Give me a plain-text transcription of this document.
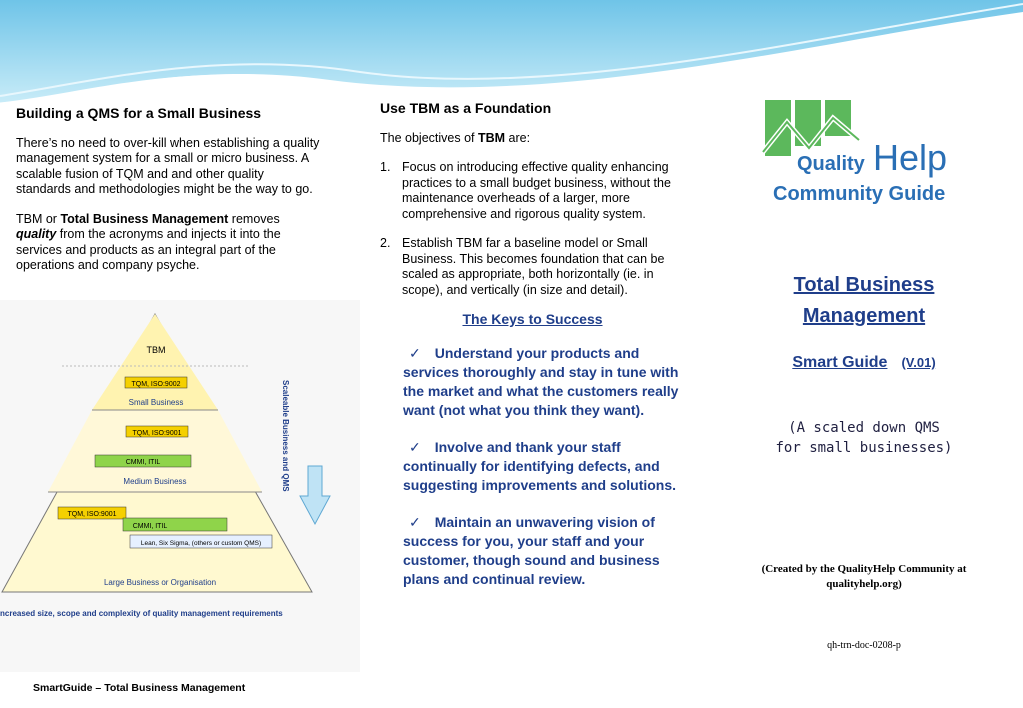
Building a QMS for a Small Business

There’s no need to over-kill when establishing a quality management system for a small or micro business. A scalable fusion of TQM and and other quality standards and methodologies might be the way to go.

TBM or Total Business Management removes quality from the acronyms and injects it into the services and products as an integral part of the operations and company psyche.

TBM
TQM, ISO:9002
Small Business
TQM, ISO:9001
CMMI, ITIL
Medium Business
TQM, ISO:9001
CMMI, ITIL
Lean, Six Sigma, (others or custom QMS)
Large Business or Organisation
Scaleable Business and QMS
ncreased size, scope and complexity of quality management requirements
SmartGuide – Total Business Management
Use TBM as a Foundation

The objectives of TBM are:

1. Focus on introducing effective quality enhancing practices to a small budget business, without the maintenance overheads of a larger, more comprehensive and rigorous quality system.
2. Establish TBM far a baseline model or Small Business. This becomes foundation that can be scaled as appropriate, both horizontally (ie. in scope), and vertically (in size and detail).
The Keys to Success
✓ Understand your products and services thoroughly and stay in tune with the market and what the customers really want (not what you think they want).
✓ Involve and thank your staff continually for identifying defects, and suggesting improvements and solutions.
✓ Maintain an unwavering vision of success for you, your staff and your customer, though sound and business plans and continual review.
Quality Help
Community Guide
Total Business
Management
Smart Guide (V.01)
(A scaled down QMS
for small businesses)
(Created by the QualityHelp Community at
qualityhelp.org)
qh-trn-doc-0208-p
